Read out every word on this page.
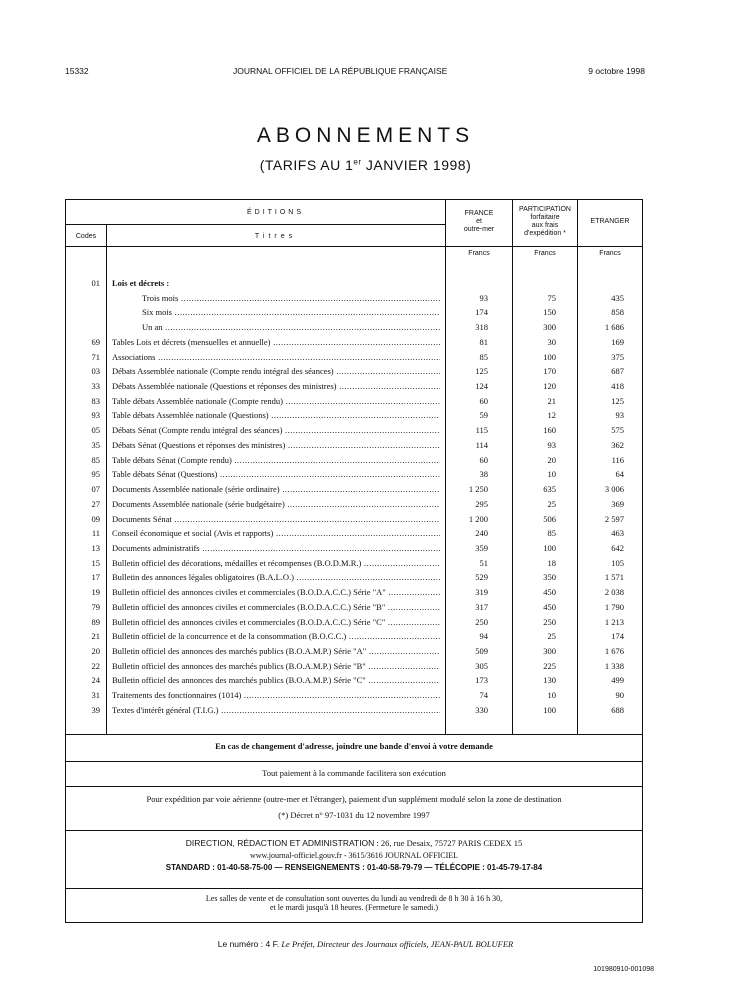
15332	JOURNAL OFFICIEL DE LA RÉPUBLIQUE FRANÇAISE	9 octobre 1998
ABONNEMENTS
(TARIFS AU 1er JANVIER 1998)
ÉDITIONS
Codes	Titres
FRANCE
et
outre-mer
PARTICIPATION
forfaitaire
aux frais
d'expédition *
ETRANGER
Francs	Francs	Francs
01 Lois et décrets :
Trois mois .....	93	75	435
Six mois .....	174	150	858
Un an .....	318	300	1 686
69 Tables Lois et décrets (mensuelles et annuelle) .....	81	30	169
71 Associations .....	85	100	375
03 Débats Assemblée nationale (Compte rendu intégral des séances) .....	125	170	687
33 Débats Assemblée nationale (Questions et réponses des ministres) .....	124	120	418
83 Table débats Assemblée nationale (Compte rendu) .....	60	21	125
93 Table débats Assemblée nationale (Questions) .....	59	12	93
05 Débats Sénat (Compte rendu intégral des séances) .....	115	160	575
35 Débats Sénat (Questions et réponses des ministres) .....	114	93	362
85 Table débats Sénat (Compte rendu) .....	60	20	116
95 Table débats Sénat (Questions) .....	38	10	64
07 Documents Assemblée nationale (série ordinaire) .....	1 250	635	3 006
27 Documents Assemblée nationale (série budgétaire) .....	295	25	369
09 Documents Sénat .....	1 200	506	2 597
11 Conseil économique et social (Avis et rapports) .....	240	85	463
13 Documents administratifs .....	359	100	642
15 Bulletin officiel des décorations, médailles et récompenses (B.O.D.M.R.) .....	51	18	105
17 Bulletin des annonces légales obligatoires (B.A.L.O.) .....	529	350	1 571
19 Bulletin officiel des annonces civiles et commerciales (B.O.D.A.C.C.) Série "A" .....	319	450	2 038
79 Bulletin officiel des annonces civiles et commerciales (B.O.D.A.C.C.) Série "B" .....	317	450	1 790
89 Bulletin officiel des annonces civiles et commerciales (B.O.D.A.C.C.) Série "C" .....	250	250	1 213
21 Bulletin officiel de la concurrence et de la consommation (B.O.C.C.) .....	94	25	174
20 Bulletin officiel des annonces des marchés publics (B.O.A.M.P.) Série "A" .....	509	300	1 676
22 Bulletin officiel des annonces des marchés publics (B.O.A.M.P.) Série "B" .....	305	225	1 338
24 Bulletin officiel des annonces des marchés publics (B.O.A.M.P.) Série "C" .....	173	130	499
31 Traitements des fonctionnaires (1014) .....	74	10	90
39 Textes d'intérêt général (T.I.G.) .....	330	100	688

En cas de changement d'adresse, joindre une bande d'envoi à votre demande

Tout paiement à la commande facilitera son exécution

Pour expédition par voie aérienne (outre-mer et l'étranger), paiement d'un supplément modulé selon la zone de destination

(*) Décret n° 97-1031 du 12 novembre 1997

DIRECTION, RÉDACTION ET ADMINISTRATION : 26, rue Desaix, 75727 PARIS CEDEX 15

www.journal-officiel.gouv.fr - 3615/3616 JOURNAL OFFICIEL

STANDARD : 01-40-58-75-00 — RENSEIGNEMENTS : 01-40-58-79-79 — TÉLÉCOPIE : 01-45-79-17-84

Les salles de vente et de consultation sont ouvertes du lundi au vendredi de 8 h 30 à 16 h 30,

et le mardi jusqu'à 18 heures. (Fermeture le samedi.)

Le numéro : 4 F. Le Préfet, Directeur des Journaux officiels, JEAN-PAUL BOLUFER
101980910-001098
